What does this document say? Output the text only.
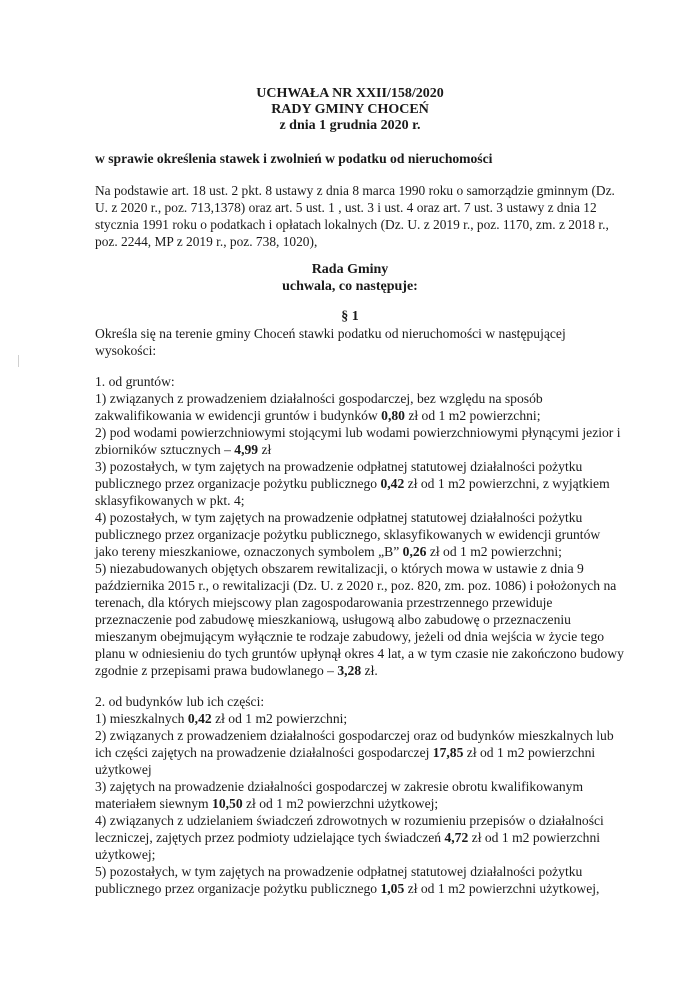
UCHWAŁA NR XXII/158/2020
RADY GMINY CHOCEŃ
z dnia 1 grudnia 2020 r.
w sprawie określenia stawek i zwolnień w podatku od nieruchomości
Na podstawie art. 18 ust. 2 pkt. 8 ustawy z dnia 8 marca 1990 roku o samorządzie gminnym (Dz.
U. z 2020 r., poz. 713,1378) oraz art. 5 ust. 1 , ust. 3 i ust. 4 oraz art. 7 ust. 3 ustawy z dnia 12
stycznia 1991 roku o podatkach i opłatach lokalnych (Dz. U. z 2019 r., poz. 1170, zm. z 2018 r.,
poz. 2244, MP z 2019 r., poz. 738, 1020),
Rada Gminy
uchwala, co następuje:
§ 1
Określa się na terenie gminy Choceń stawki podatku od nieruchomości w następującej
wysokości:
1. od gruntów:
1) związanych z prowadzeniem działalności gospodarczej, bez względu na sposób
zakwalifikowania w ewidencji gruntów i budynków 0,80 zł od 1 m2 powierzchni;
2) pod wodami powierzchniowymi stojącymi lub wodami powierzchniowymi płynącymi jezior i
zbiorników sztucznych – 4,99 zł
3) pozostałych, w tym zajętych na prowadzenie odpłatnej statutowej działalności pożytku
publicznego przez organizacje pożytku publicznego 0,42 zł od 1 m2 powierzchni, z wyjątkiem
sklasyfikowanych w pkt. 4;
4) pozostałych, w tym zajętych na prowadzenie odpłatnej statutowej działalności pożytku
publicznego przez organizacje pożytku publicznego, sklasyfikowanych w ewidencji gruntów
jako tereny mieszkaniowe, oznaczonych symbolem „B” 0,26 zł od 1 m2 powierzchni;
5) niezabudowanych objętych obszarem rewitalizacji, o których mowa w ustawie z dnia 9
października 2015 r., o rewitalizacji (Dz. U. z 2020 r., poz. 820, zm. poz. 1086) i położonych na
terenach, dla których miejscowy plan zagospodarowania przestrzennego przewiduje
przeznaczenie pod zabudowę mieszkaniową, usługową albo zabudowę o przeznaczeniu
mieszanym obejmującym wyłącznie te rodzaje zabudowy, jeżeli od dnia wejścia w życie tego
planu w odniesieniu do tych gruntów upłynął okres 4 lat, a w tym czasie nie zakończono budowy
zgodnie z przepisami prawa budowlanego – 3,28 zł.
2. od budynków lub ich części:
1) mieszkalnych 0,42 zł od 1 m2 powierzchni;
2) związanych z prowadzeniem działalności gospodarczej oraz od budynków mieszkalnych lub
ich części zajętych na prowadzenie działalności gospodarczej 17,85 zł od 1 m2 powierzchni
użytkowej
3) zajętych na prowadzenie działalności gospodarczej w zakresie obrotu kwalifikowanym
materiałem siewnym 10,50 zł od 1 m2 powierzchni użytkowej;
4) związanych z udzielaniem świadczeń zdrowotnych w rozumieniu przepisów o działalności
leczniczej, zajętych przez podmioty udzielające tych świadczeń 4,72 zł od 1 m2 powierzchni
użytkowej;
5) pozostałych, w tym zajętych na prowadzenie odpłatnej statutowej działalności pożytku
publicznego przez organizacje pożytku publicznego 1,05 zł od 1 m2 powierzchni użytkowej,
